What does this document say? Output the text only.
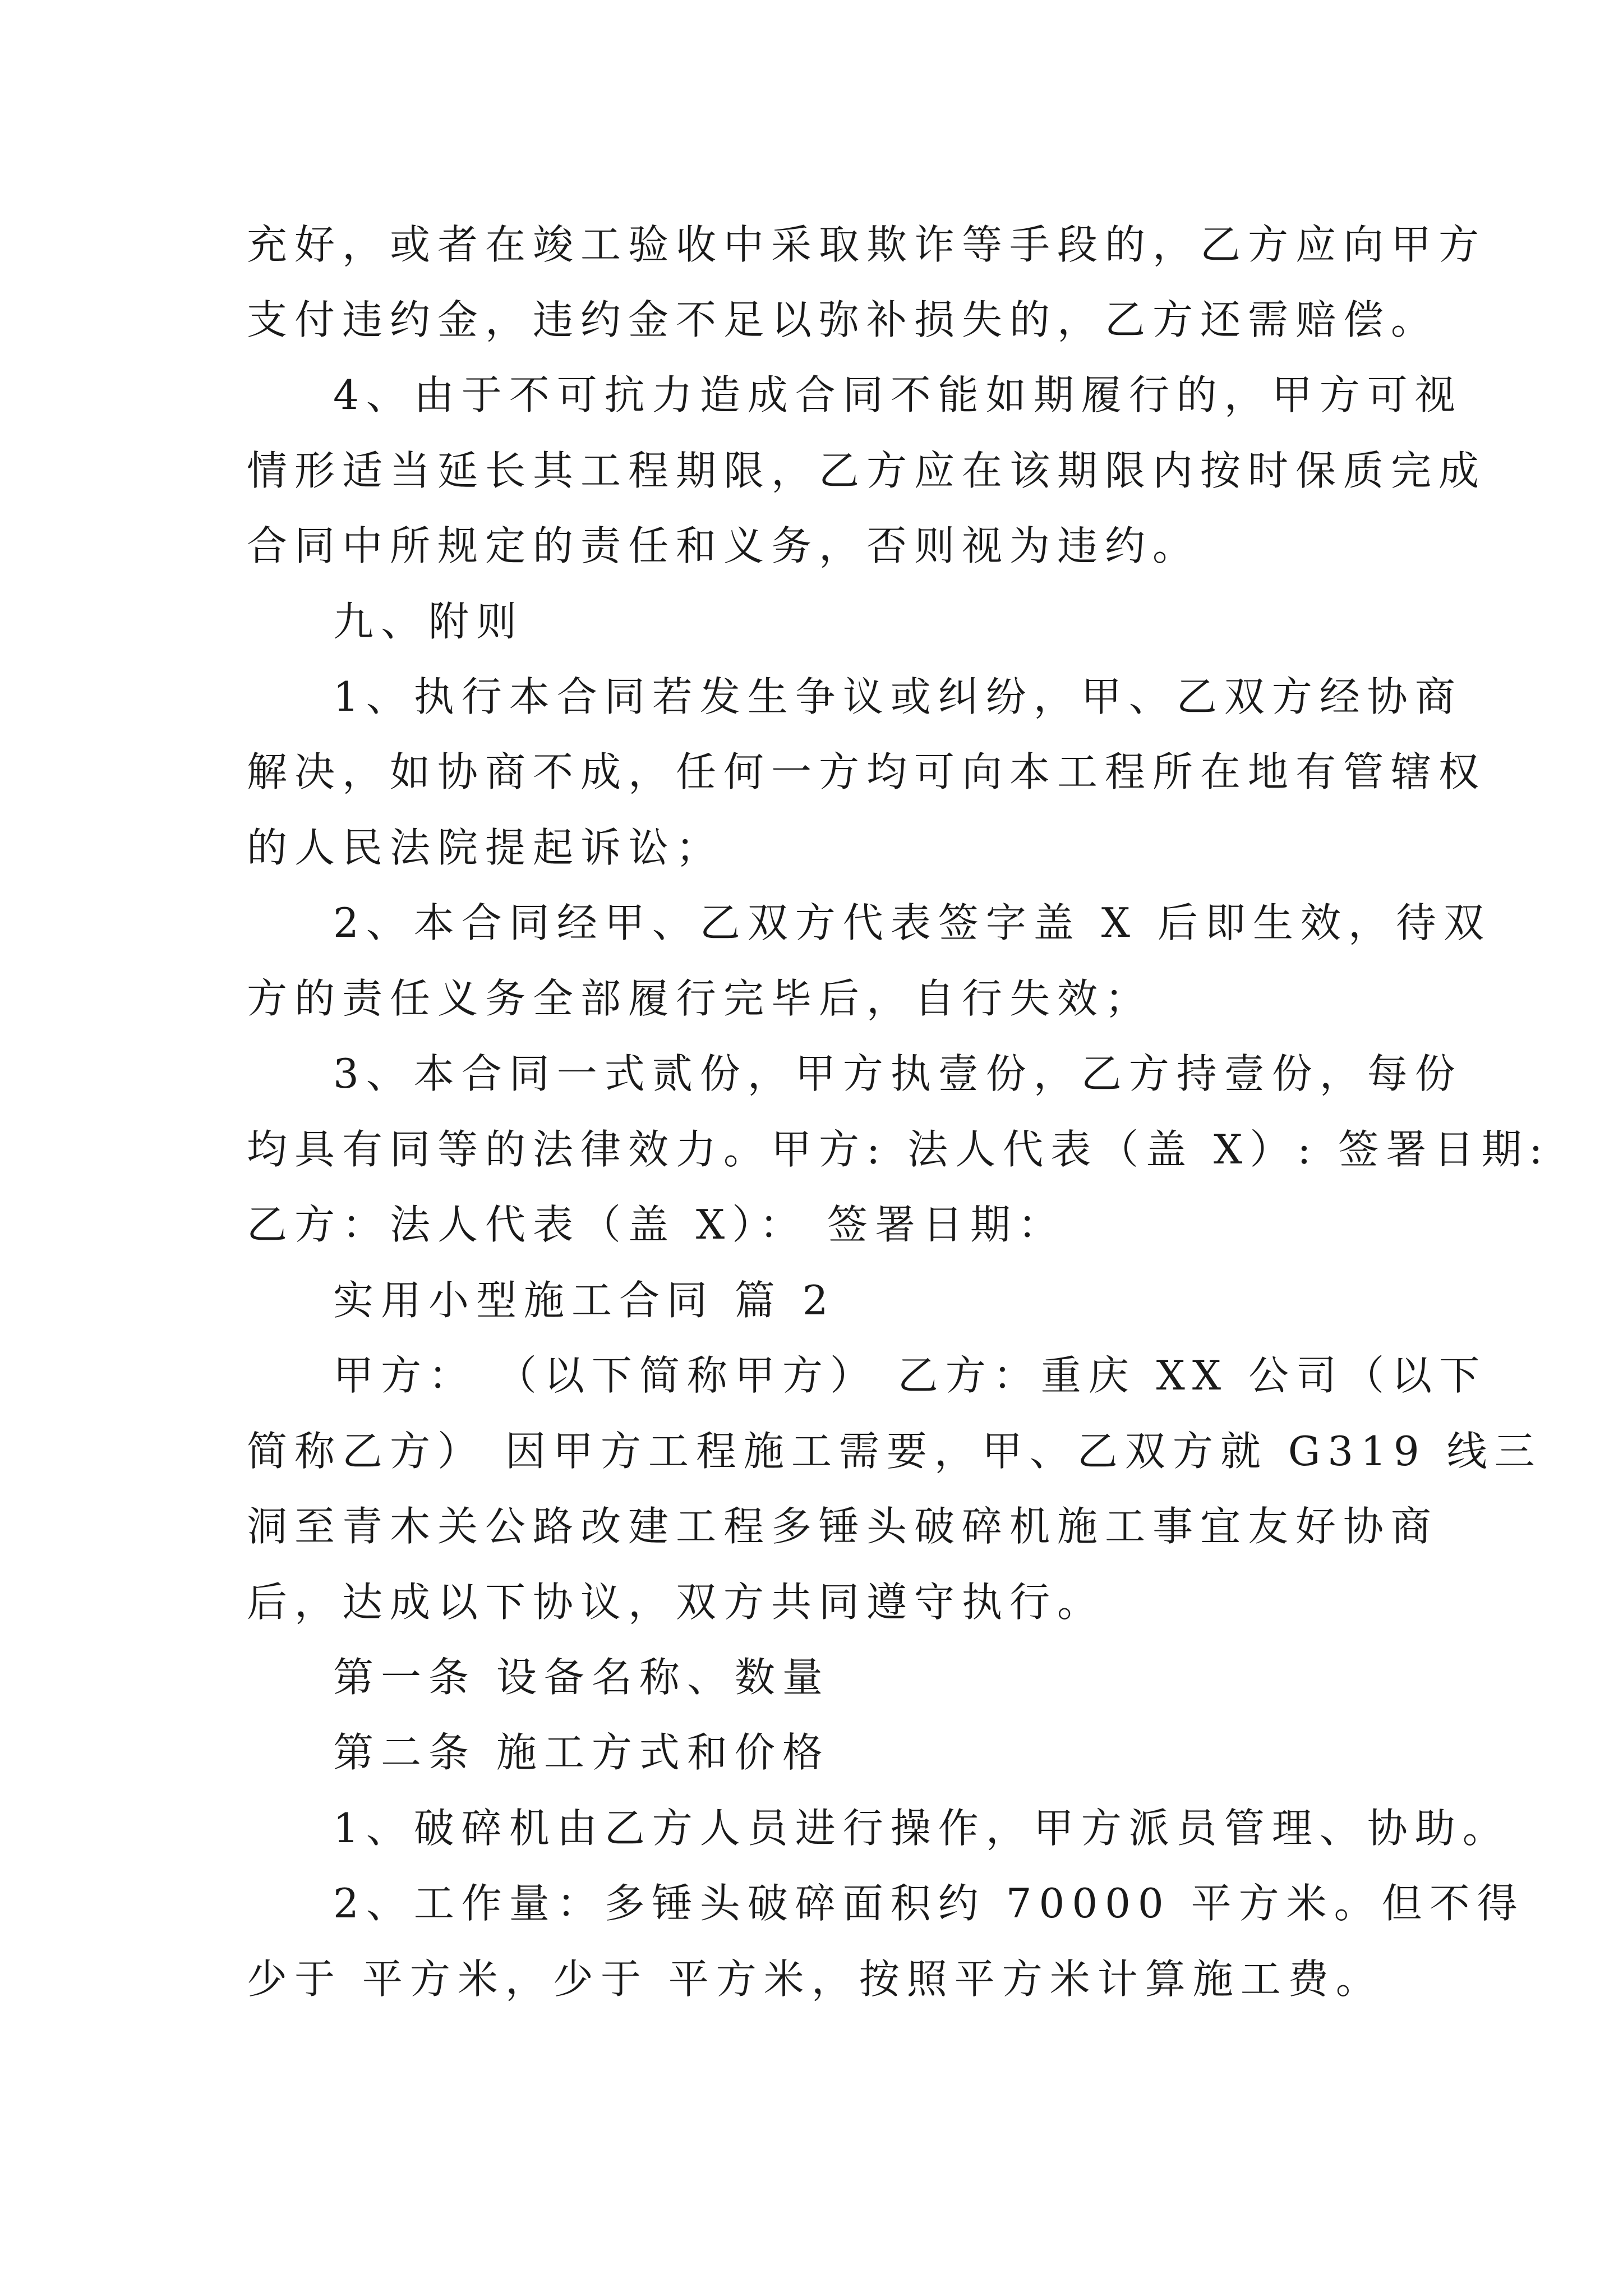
充好，或者在竣工验收中采取欺诈等手段的，乙方应向甲方
支付违约金，违约金不足以弥补损失的，乙方还需赔偿。
4、由于不可抗力造成合同不能如期履行的，甲方可视
情形适当延长其工程期限，乙方应在该期限内按时保质完成
合同中所规定的责任和义务，否则视为违约。
九、附则
1、执行本合同若发生争议或纠纷，甲、乙双方经协商
解决，如协商不成，任何一方均可向本工程所在地有管辖权
的人民法院提起诉讼；
2、本合同经甲、乙双方代表签字盖 X 后即生效，待双
方的责任义务全部履行完毕后，自行失效；
3、本合同一式贰份，甲方执壹份，乙方持壹份，每份
均具有同等的法律效力。甲方: 法人代表（盖 X）: 签署日期:
乙方：法人代表（盖 X）： 签署日期：
实用小型施工合同 篇 2
甲方： （以下简称甲方） 乙方：重庆 XX 公司（以下
简称乙方） 因甲方工程施工需要，甲、乙双方就 G319 线三
洞至青木关公路改建工程多锤头破碎机施工事宜友好协商
后，达成以下协议，双方共同遵守执行。
第一条 设备名称、数量
第二条 施工方式和价格
1、破碎机由乙方人员进行操作，甲方派员管理、协助。
2、工作量：多锤头破碎面积约 70000 平方米。但不得
少于 平方米，少于 平方米，按照平方米计算施工费。
